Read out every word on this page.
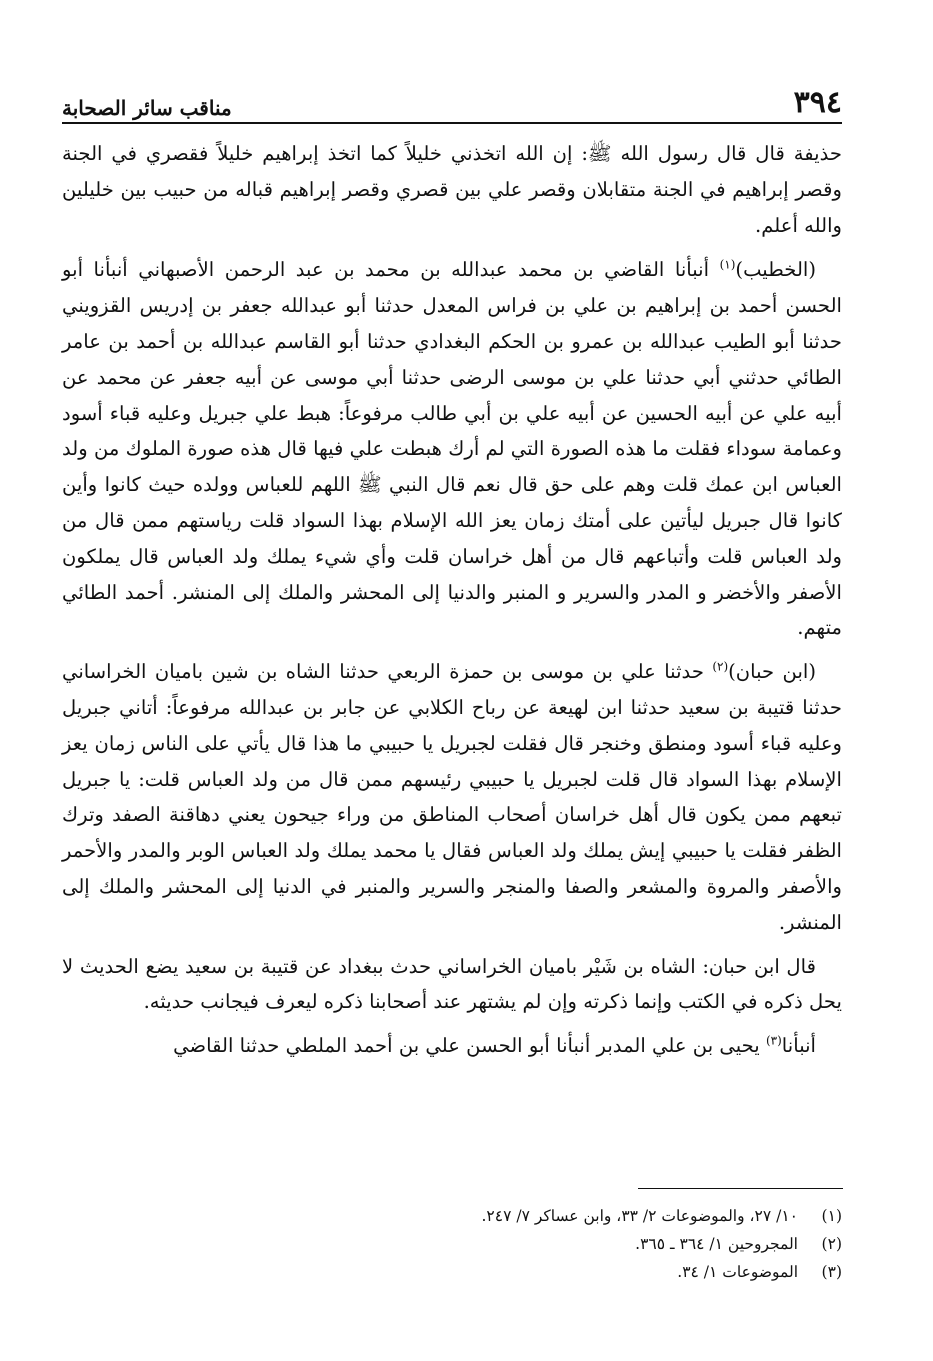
٣٩٤
مناقب سائر الصحابة

حذيفة قال قال رسول الله ﷺ: إن الله اتخذني خليلاً كما اتخذ إبراهيم خليلاً فقصري في الجنة وقصر إبراهيم في الجنة متقابلان وقصر علي بين قصري وقصر إبراهيم قباله من حبيب بين خليلين والله أعلم.

(الخطيب)$^{(١)}$ أنبأنا القاضي بن محمد عبدالله بن محمد بن عبد الرحمن الأصبهاني أنبأنا أبو الحسن أحمد بن إبراهيم بن علي بن فراس المعدل حدثنا أبو عبدالله جعفر بن إدريس القزويني حدثنا أبو الطيب عبدالله بن عمرو بن الحكم البغدادي حدثنا أبو القاسم عبدالله بن أحمد بن عامر الطائي حدثني أبي حدثنا علي بن موسى الرضى حدثنا أبي موسى عن أبيه جعفر عن محمد عن أبيه علي عن أبيه الحسين عن أبيه علي بن أبي طالب مرفوعاً: هبط علي جبريل وعليه قباء أسود وعمامة سوداء فقلت ما هذه الصورة التي لم أرك هبطت علي فيها قال هذه صورة الملوك من ولد العباس ابن عمك قلت وهم على حق قال نعم قال النبي ﷺ اللهم للعباس وولده حيث كانوا وأين كانوا قال جبريل ليأتين على أمتك زمان يعز الله الإسلام بهذا السواد قلت رياستهم ممن قال من ولد العباس قلت وأتباعهم قال من أهل خراسان قلت وأي شيء يملك ولد العباس قال يملكون الأصفر والأخضر و المدر والسرير و المنبر والدنيا إلى المحشر والملك إلى المنشر. أحمد الطائي متهم.

(ابن حبان)$^{(٢)}$ حدثنا علي بن موسى بن حمزة الربعي حدثنا الشاه بن شين باميان الخراساني حدثنا قتيبة بن سعيد حدثنا ابن لهيعة عن رباح الكلابي عن جابر بن عبدالله مرفوعاً: أتاني جبريل وعليه قباء أسود ومنطق وخنجر قال فقلت لجبريل يا حبيبي ما هذا قال يأتي على الناس زمان يعز الإسلام بهذا السواد قال قلت لجبريل يا حبيبي رئيسهم ممن قال من ولد العباس قلت: يا جبريل تبعهم ممن يكون قال أهل خراسان أصحاب المناطق من وراء جيحون يعني دهاقنة الصفد وترك الظفر فقلت يا حبيبي إيش يملك ولد العباس فقال يا محمد يملك ولد العباس الوبر والمدر والأحمر والأصفر والمروة والمشعر والصفا والمنجر والسرير والمنبر في الدنيا إلى المحشر والملك إلى المنشر.

قال ابن حبان: الشاه بن شَيْر باميان الخراساني حدث ببغداد عن قتيبة بن سعيد يضع الحديث لا يحل ذكره في الكتب وإنما ذكرته وإن لم يشتهر عند أصحابنا ذكره ليعرف فيجانب حديثه.

أنبأنا$^{(٣)}$ يحيى بن علي المدبر أنبأنا أبو الحسن علي بن أحمد الملطي حدثنا القاضي

(١)
١٠/ ٢٧، والموضوعات ٢/ ٣٣، وابن عساكر ٧/ ٢٤٧.
(٢)
المجروحين ١/ ٣٦٤ ـ ٣٦٥.
(٣)
الموضوعات ١/ ٣٤.
